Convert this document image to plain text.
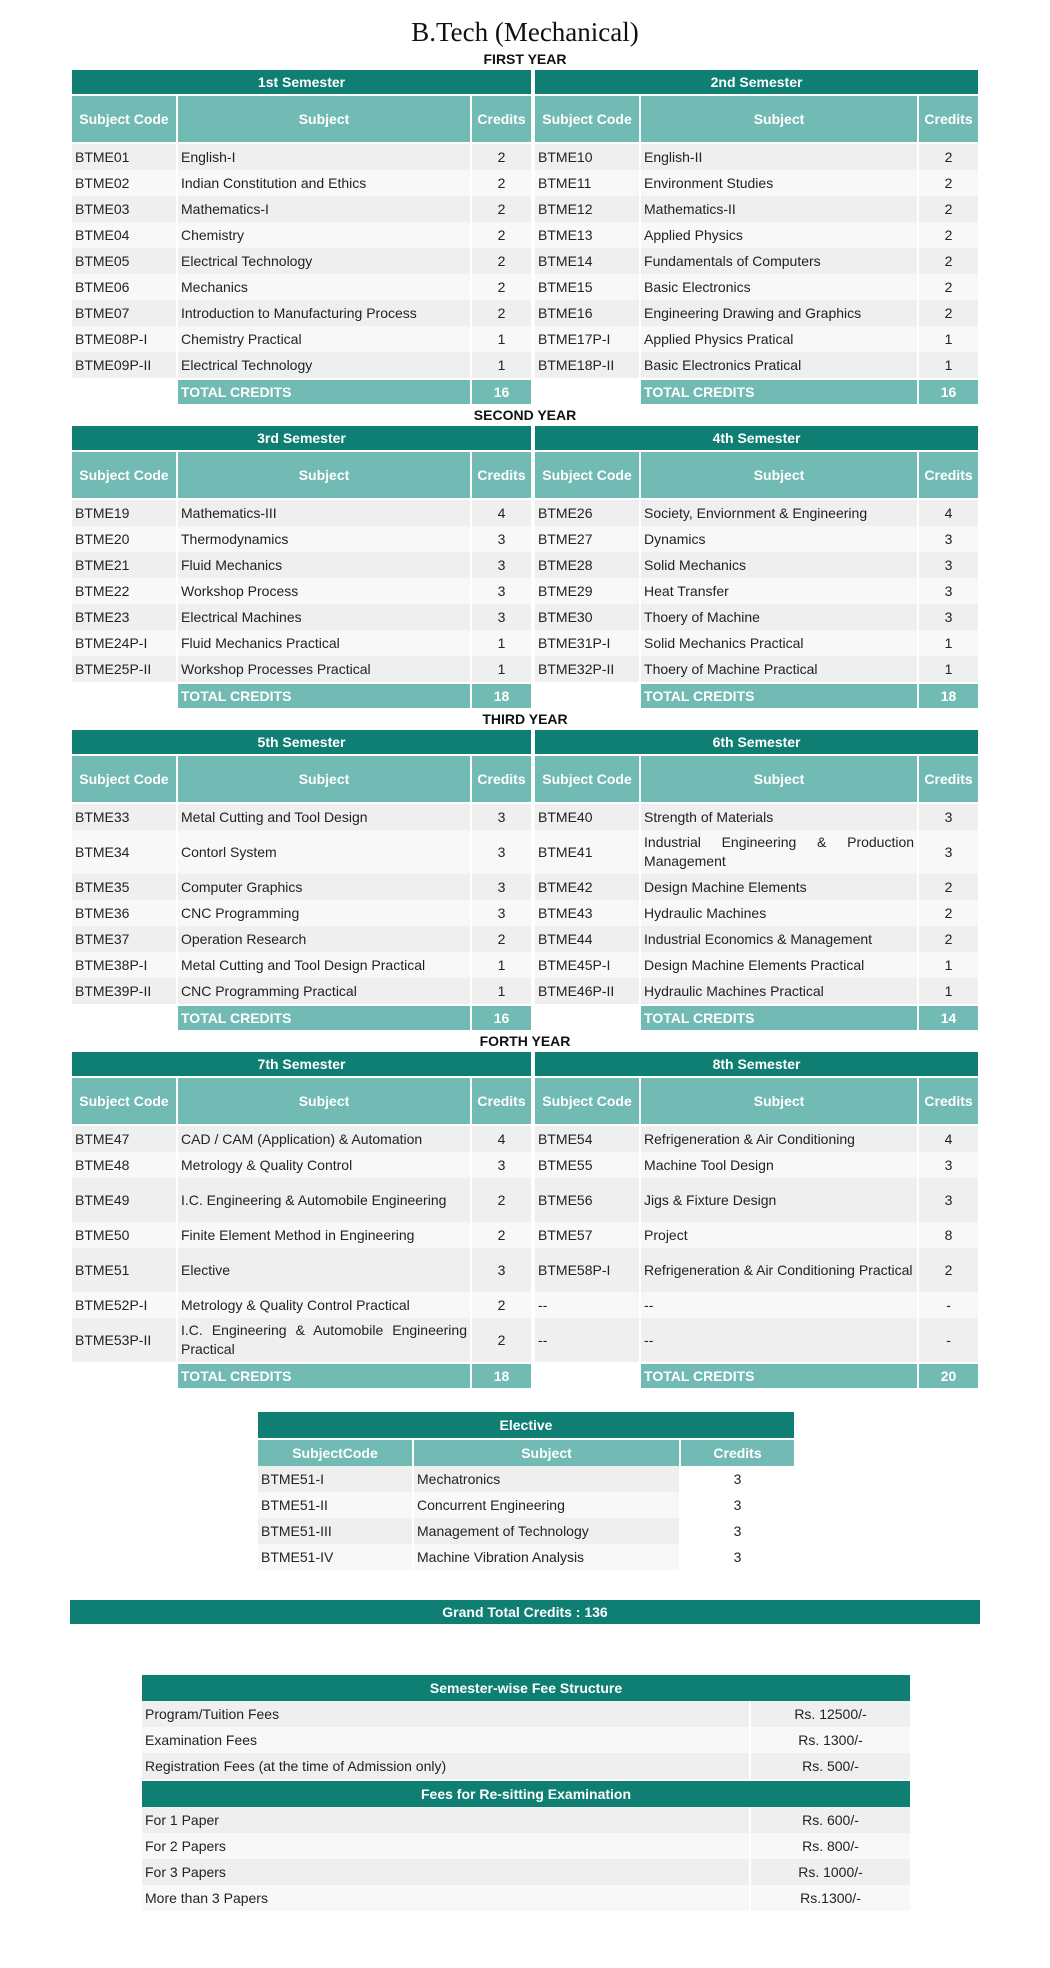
B.Tech (Mechanical)
FIRST YEAR
1st Semester		
Subject Code	Subject	Credits
BTME01	English-I	2
BTME02	Indian Constitution and Ethics	2
BTME03	Mathematics-I	2
BTME04	Chemistry	2
BTME05	Electrical Technology	2
BTME06	Mechanics	2
BTME07	Introduction to Manufacturing Process	2
BTME08P-I	Chemistry Practical	1
BTME09P-II	Electrical Technology	1
	TOTAL CREDITS	16
2nd Semester		
Subject Code	Subject	Credits
BTME10	English-II	2
BTME11	Environment Studies	2
BTME12	Mathematics-II	2
BTME13	Applied Physics	2
BTME14	Fundamentals of Computers	2
BTME15	Basic Electronics	2
BTME16	Engineering Drawing and Graphics	2
BTME17P-I	Applied Physics Pratical	1
BTME18P-II	Basic Electronics Pratical	1
	TOTAL CREDITS	16
SECOND YEAR
3rd Semester		
Subject Code	Subject	Credits
BTME19	Mathematics-III	4
BTME20	Thermodynamics	3
BTME21	Fluid Mechanics	3
BTME22	Workshop Process	3
BTME23	Electrical Machines	3
BTME24P-I	Fluid Mechanics Practical	1
BTME25P-II	Workshop Processes Practical	1
	TOTAL CREDITS	18
4th Semester		
Subject Code	Subject	Credits
BTME26	Society, Enviornment & Engineering	4
BTME27	Dynamics	3
BTME28	Solid Mechanics	3
BTME29	Heat Transfer	3
BTME30	Thoery of Machine	3
BTME31P-I	Solid Mechanics Practical	1
BTME32P-II	Thoery of Machine Practical	1
	TOTAL CREDITS	18
THIRD YEAR
5th Semester		
Subject Code	Subject	Credits
BTME33	Metal Cutting and Tool Design	3
BTME34	Contorl System	3
BTME35	Computer Graphics	3
BTME36	CNC Programming	3
BTME37	Operation Research	2
BTME38P-I	Metal Cutting and Tool Design Practical	1
BTME39P-II	CNC Programming Practical	1
	TOTAL CREDITS	16
6th Semester		
Subject Code	Subject	Credits
BTME40	Strength of Materials	3
BTME41	Industrial Engineering & Production Management	3
BTME42	Design Machine Elements	2
BTME43	Hydraulic Machines	2
BTME44	Industrial Economics & Management	2
BTME45P-I	Design Machine Elements Practical	1
BTME46P-II	Hydraulic Machines Practical	1
	TOTAL CREDITS	14
FORTH YEAR
7th Semester		
Subject Code	Subject	Credits
BTME47	CAD / CAM (Application) & Automation	4
BTME48	Metrology & Quality Control	3
BTME49	I.C. Engineering & Automobile Engineering	2
BTME50	Finite Element Method in Engineering	2
BTME51	Elective	3
BTME52P-I	Metrology & Quality Control Practical	2
BTME53P-II	I.C. Engineering & Automobile Engineering Practical	2
	TOTAL CREDITS	18
8th Semester		
Subject Code	Subject	Credits
BTME54	Refrigeneration & Air Conditioning	4
BTME55	Machine Tool Design	3
BTME56	Jigs & Fixture Design	3
BTME57	Project	8
BTME58P-I	Refrigeneration & Air Conditioning Practical	2
--	--	-
--	--	-
	TOTAL CREDITS	20
Elective		
SubjectCode	Subject	Credits
BTME51-I	Mechatronics	3
BTME51-II	Concurrent Engineering	3
BTME51-III	Management of Technology	3
BTME51-IV	Machine Vibration Analysis	3
Grand Total Credits : 136
Semester-wise Fee Structure	
Program/Tuition Fees	Rs. 12500/-
Examination Fees	Rs. 1300/-
Registration Fees (at the time of Admission only)	Rs. 500/-
Fees for Re-sitting Examination	
For 1 Paper	Rs. 600/-
For 2 Papers	Rs. 800/-
For 3 Papers	Rs. 1000/-
More than 3 Papers	Rs.1300/-
